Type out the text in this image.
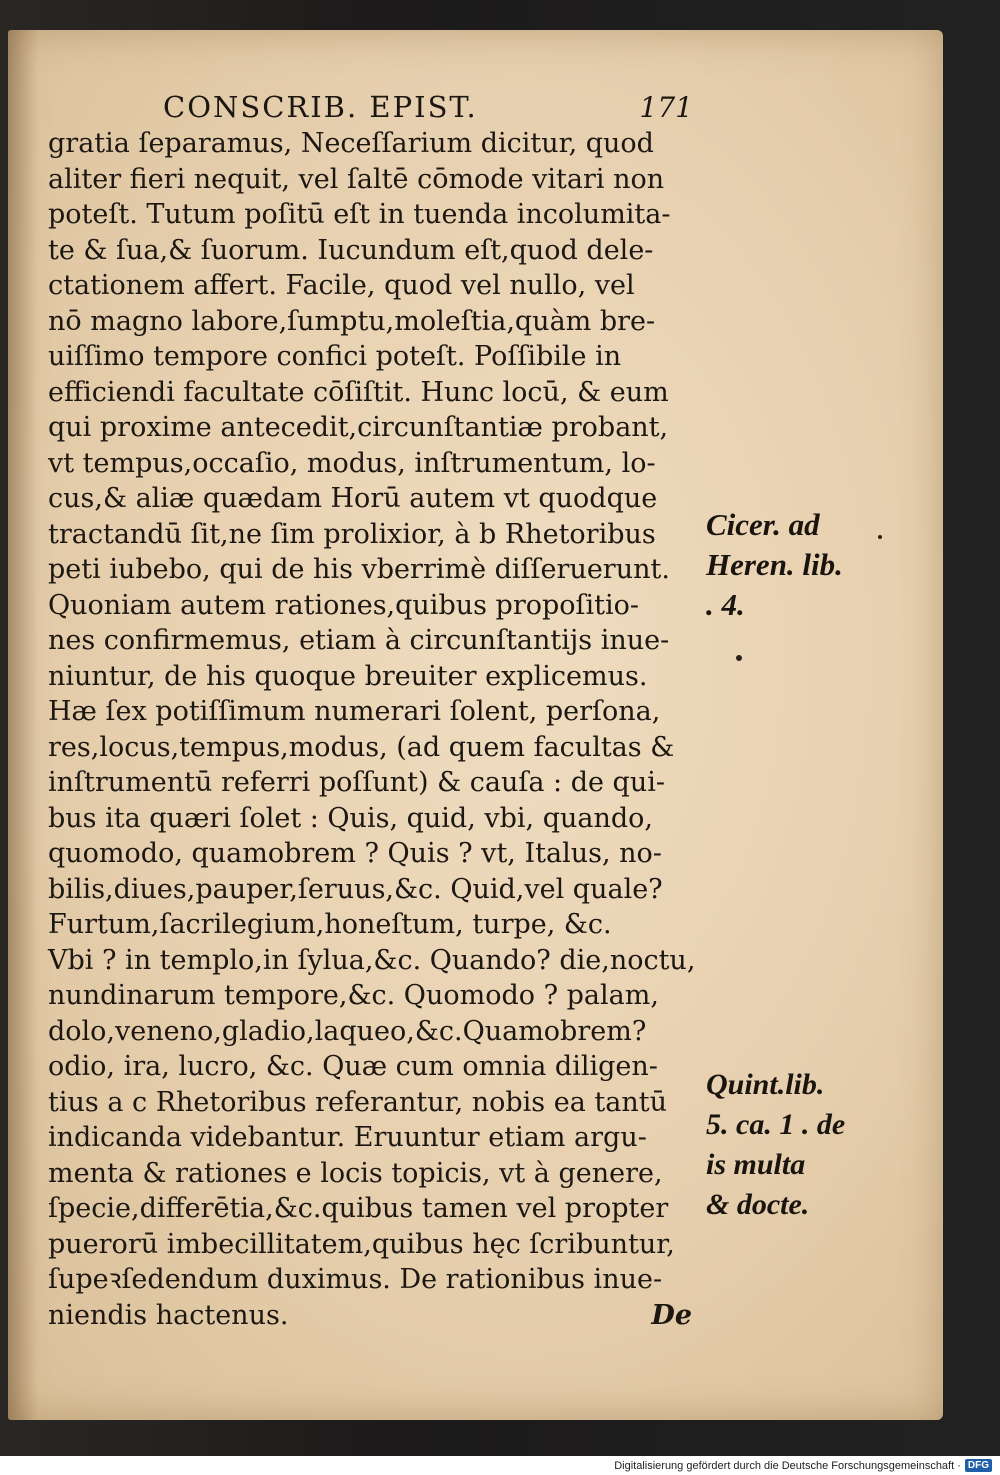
CONSCRIB. EPIST.	171
gratia ſeparamus, Neceſſarium dicitur, quod
aliter fieri nequit, vel ſaltē cōmode vitari non
poteſt. Tutum poſitū eſt in tuenda incolumita-
te & ſua,& ſuorum. Iucundum eſt,quod dele-
ctationem affert. Facile, quod vel nullo, vel
nō magno labore,ſumptu,moleſtia,quàm bre-
uiſſimo tempore confici poteſt. Poſſibile in
efficiendi facultate cōſiſtit. Hunc locū, & eum
qui proxime antecedit,circunſtantiæ probant,
vt tempus,occaſio, modus, inſtrumentum, lo-
cus,& aliæ quædam Horū autem vt quodque
tractandū ſit,ne ſim prolixior, à b Rhetoribus
peti iubebo, qui de his vberrimè diſſeruerunt.
Quoniam autem rationes,quibus propoſitio-
nes confirmemus, etiam à circunſtantijs inue-
niuntur, de his quoque breuiter explicemus.
Hæ ſex potiſſimum numerari ſolent, perſona,
res,locus,tempus,modus, (ad quem facultas &
inſtrumentū referri poſſunt) & cauſa : de qui-
bus ita quæri ſolet : Quis, quid, vbi, quando,
quomodo, quamobrem ? Quis ? vt, Italus, no-
bilis,diues,pauper,ſeruus,&c. Quid,vel quale?
Furtum,ſacrilegium,honeſtum, turpe, &c.
Vbi ? in templo,in ſylua,&c. Quando? die,noctu,
nundinarum tempore,&c. Quomodo ? palam,
dolo,veneno,gladio,laqueo,&c.Quamobrem?
odio, ira, lucro, &c. Quæ cum omnia diligen-
tius a c Rhetoribus referantur, nobis ea tantū
indicanda videbantur. Eruuntur etiam argu-
menta & rationes e locis topicis, vt à genere,
ſpecie,differētia,&c.quibus tamen vel propter
puerorū imbecillitatem,quibus hęc ſcribuntur,
ſupeꝛſedendum duximus. De rationibus inue-
niendis hactenus.	De
Cicer. ad
Heren. lib.
. 4.
Quint.lib.
5. ca. 1 . de
is multa
& docte.
Digitalisierung gefördert durch die Deutsche Forschungsgemeinschaft · DFG
